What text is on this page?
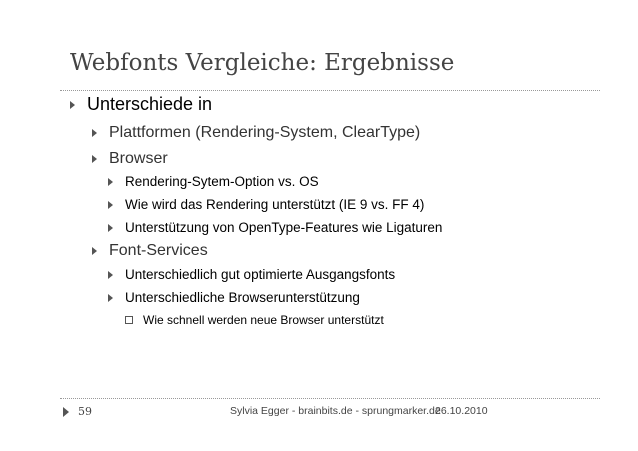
Webfonts Vergleiche: Ergebnisse
Unterschiede in
Plattformen (Rendering-System, ClearType)
Browser
Rendering-Sytem-Option vs. OS
Wie wird das Rendering unterstützt (IE 9 vs. FF 4)
Unterstützung von OpenType-Features wie Ligaturen
Font-Services
Unterschiedlich gut optimierte Ausgangsfonts
Unterschiedliche Browserunterstützung
Wie schnell werden neue Browser unterstützt
59	Sylvia Egger - brainbits.de - sprungmarker.de
26.10.2010
